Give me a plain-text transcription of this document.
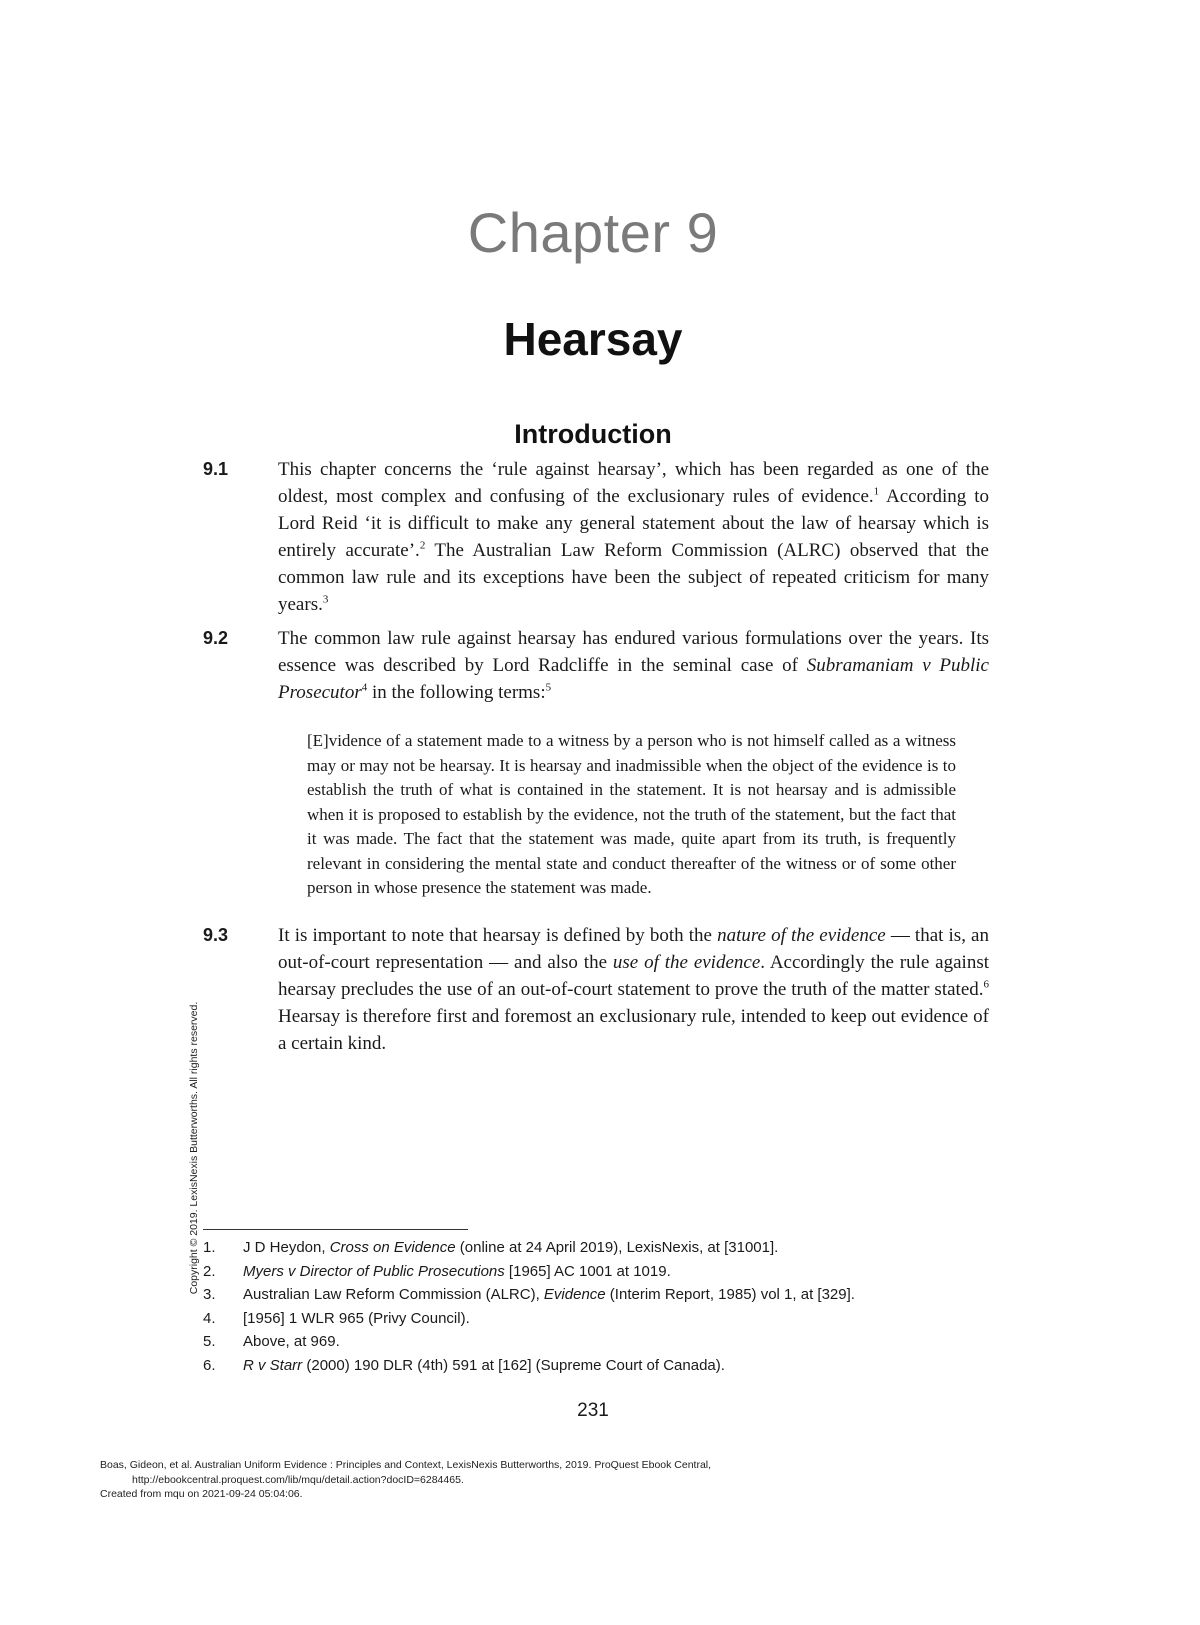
Chapter 9
Hearsay
Introduction
9.1	This chapter concerns the ‘rule against hearsay’, which has been regarded as one of the oldest, most complex and confusing of the exclusionary rules of evidence.$^1$ According to Lord Reid ‘it is difficult to make any general statement about the law of hearsay which is entirely accurate’.$^2$ The Australian Law Reform Commission (ALRC) observed that the common law rule and its exceptions have been the subject of repeated criticism for many years.$^3$
9.2	The common law rule against hearsay has endured various formulations over the years. Its essence was described by Lord Radcliffe in the seminal case of Subramaniam v Public Prosecutor$^4$ in the following terms:$^5$
[E]vidence of a statement made to a witness by a person who is not himself called as a witness may or may not be hearsay. It is hearsay and inadmissible when the object of the evidence is to establish the truth of what is contained in the statement. It is not hearsay and is admissible when it is proposed to establish by the evidence, not the truth of the statement, but the fact that it was made. The fact that the statement was made, quite apart from its truth, is frequently relevant in considering the mental state and conduct thereafter of the witness or of some other person in whose presence the statement was made.
9.3	It is important to note that hearsay is defined by both the nature of the evidence — that is, an out-of-court representation — and also the use of the evidence. Accordingly the rule against hearsay precludes the use of an out-of-court statement to prove the truth of the matter stated.$^6$ Hearsay is therefore first and foremost an exclusionary rule, intended to keep out evidence of a certain kind.
1. J D Heydon, Cross on Evidence (online at 24 April 2019), LexisNexis, at [31001].
2. Myers v Director of Public Prosecutions [1965] AC 1001 at 1019.
3. Australian Law Reform Commission (ALRC), Evidence (Interim Report, 1985) vol 1, at [329].
4. [1956] 1 WLR 965 (Privy Council).
5. Above, at 969.
6. R v Starr (2000) 190 DLR (4th) 591 at [162] (Supreme Court of Canada).
231
Copyright © 2019. LexisNexis Butterworths. All rights reserved.
Boas, Gideon, et al. Australian Uniform Evidence : Principles and Context, LexisNexis Butterworths, 2019. ProQuest Ebook Central,
http://ebookcentral.proquest.com/lib/mqu/detail.action?docID=6284465.
Created from mqu on 2021-09-24 05:04:06.
